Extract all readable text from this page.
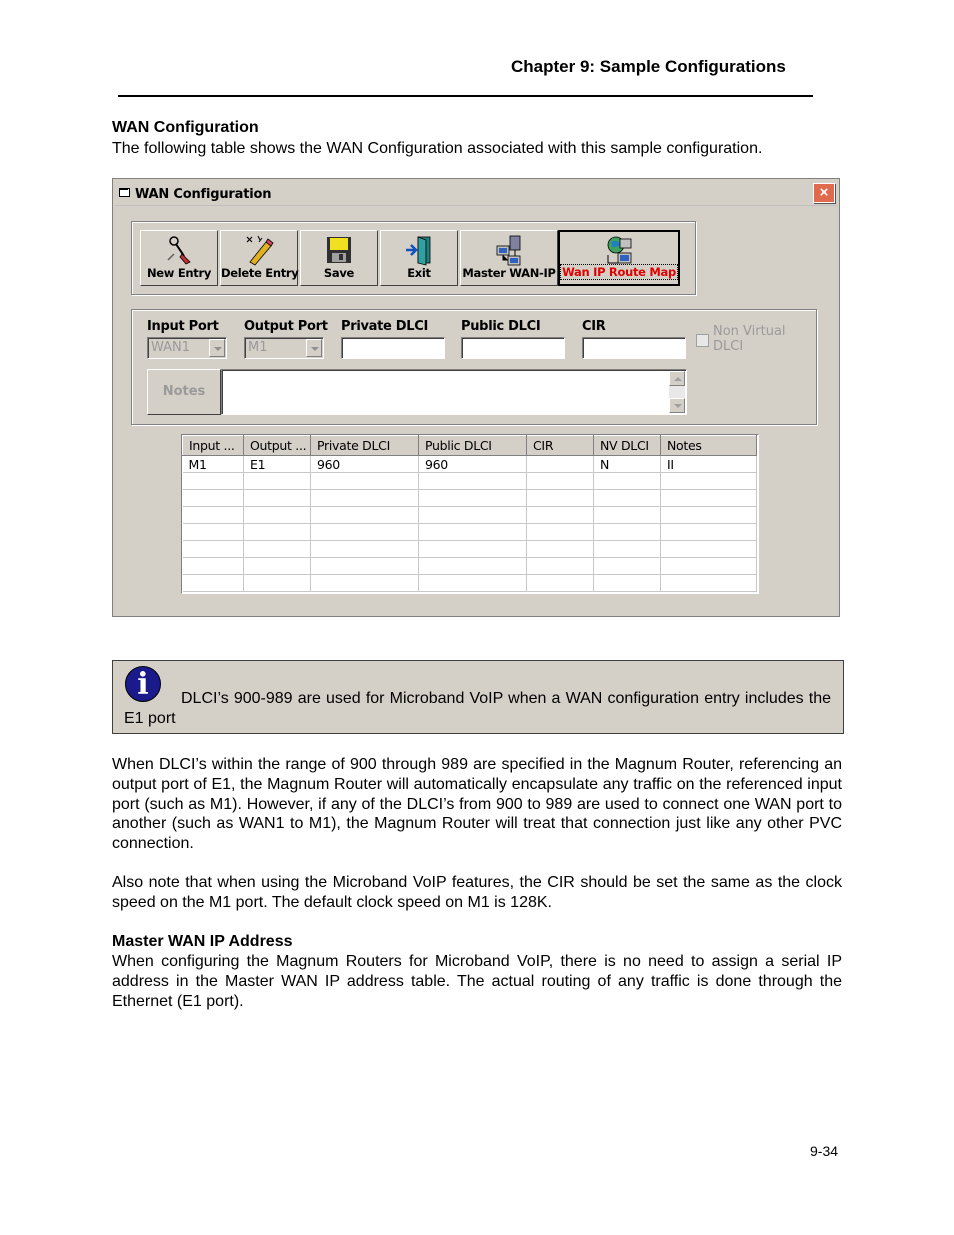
Chapter 9: Sample Configurations
WAN Configuration
The following table shows the WAN Configuration associated with this sample configuration.
WAN Configuration	×
New Entry Delete Entry	Save	Exit	Master WAN-IP Wan IP Route Map
Input Port
WAN1
Output Port
M1
Private DLCI	Public DLCI	CIR	Non Virtual
DLCI
Notes
Input ...	Output ...	Private DLCI	Public DLCI	CIR	NV DLCI	Notes
M1	E1	960	960		N	II

i	DLCI’s 900-989 are used for Microband VoIP when a WAN configuration entry includes the E1 port
When DLCI’s within the range of 900 through 989 are specified in the Magnum Router, referencing an output port of E1, the Magnum Router will automatically encapsulate any traffic on the referenced input port (such as M1). However, if any of the DLCI’s from 900 to 989 are used to connect one WAN port to another (such as WAN1 to M1), the Magnum Router will treat that connection just like any other PVC connection.
Also note that when using the Microband VoIP features, the CIR should be set the same as the clock speed on the M1 port. The default clock speed on M1 is 128K.
Master WAN IP Address
When configuring the Magnum Routers for Microband VoIP, there is no need to assign a serial IP address in the Master WAN IP address table. The actual routing of any traffic is done through the Ethernet (E1 port).
9-34
